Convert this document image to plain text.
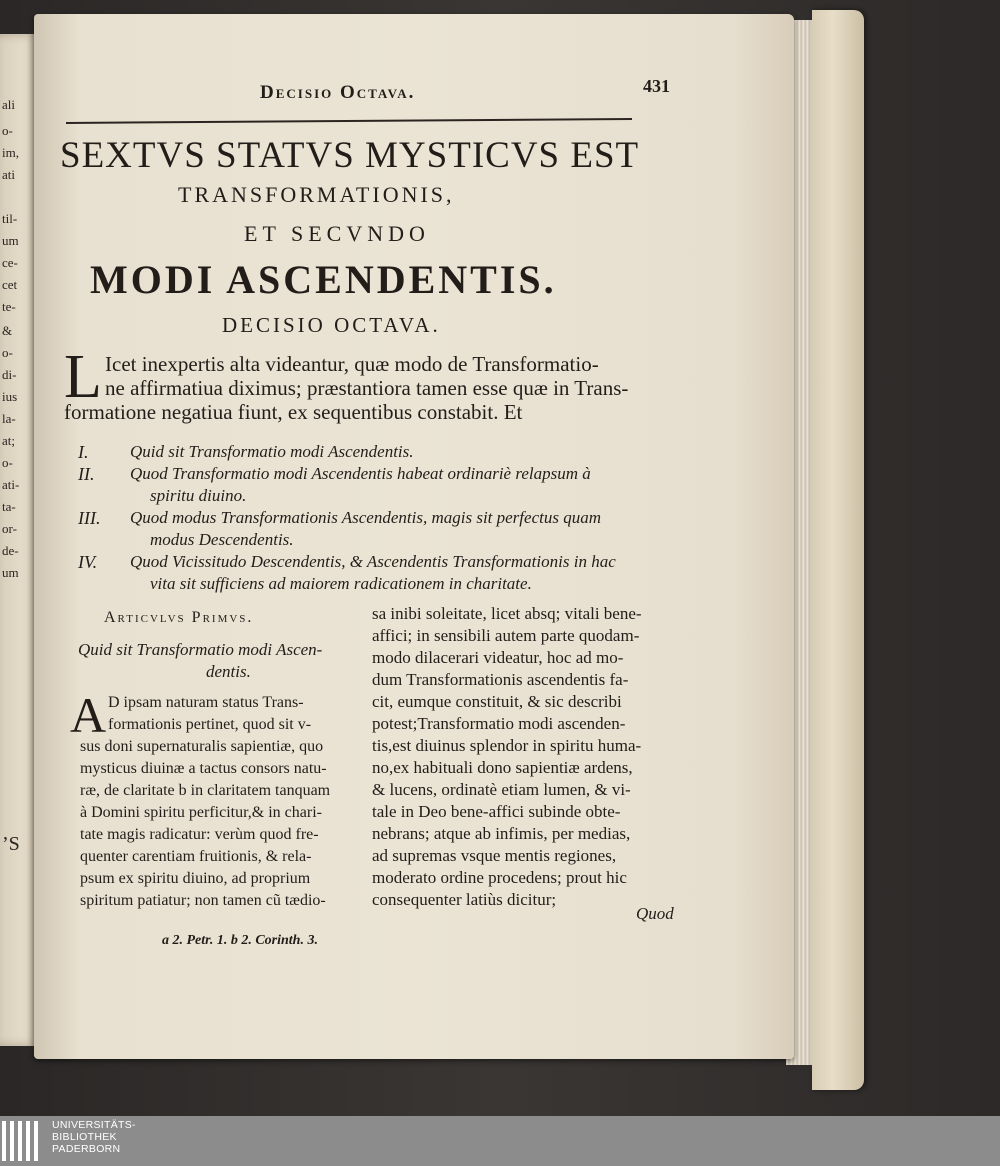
ali
o-
im,
ati
til-
um
ce-
cet
te-
&
o-
di-
ius
la-
at;
o-
ati-
ta-
or-
de-
um
’S
Decisio Octava.	431
SEXTVS STATVS MYSTICVS EST
TRANSFORMATIONIS,
ET SECVNDO
MODI ASCENDENTIS.
DECISIO OCTAVA.
L Icet inexpertis alta videantur, quæ modo de Transformatio-
ne affirmatiua diximus; præstantiora tamen esse quæ in Trans-
formatione negatiua fiunt, ex sequentibus constabit. Et
I. Quid sit Transformatio modi Ascendentis.
II. Quod Transformatio modi Ascendentis habeat ordinariè relapsum à
spiritu diuino.
III. Quod modus Transformationis Ascendentis, magis sit perfectus quam
modus Descendentis.
IV. Quod Vicissitudo Descendentis, & Ascendentis Transformationis in hac
vita sit sufficiens ad maiorem radicationem in charitate.
Articvlvs Primvs.
Quid sit Transformatio modi Ascen-
dentis.
A D ipsam naturam status Trans-
formationis pertinet, quod sit v-
sus doni supernaturalis sapientiæ, quo
mysticus diuinæ a tactus consors natu-
ræ, de claritate b in claritatem tanquam
à Domini spiritu perficitur,& in chari-
tate magis radicatur: verùm quod fre-
quenter carentiam fruitionis, & rela-
psum ex spiritu diuino, ad proprium
spiritum patiatur; non tamen cũ tædio-
sa inibi soleitate, licet absq; vitali bene-
affici; in sensibili autem parte quodam-
modo dilacerari videatur, hoc ad mo-
dum Transformationis ascendentis fa-
cit, eumque constituit, & sic describi
potest;Transformatio modi ascenden-
tis,est diuinus splendor in spiritu huma-
no,ex habituali dono sapientiæ ardens,
& lucens, ordinatè etiam lumen, & vi-
tale in Deo bene-affici subinde obte-
nebrans; atque ab infimis, per medias,
ad supremas vsque mentis regiones,
moderato ordine procedens; prout hic
consequenter latiùs dicitur;
Quod
a 2. Petr. 1. b 2. Corinth. 3.
UNIVERSITÄTS-
BIBLIOTHEK
PADERBORN
